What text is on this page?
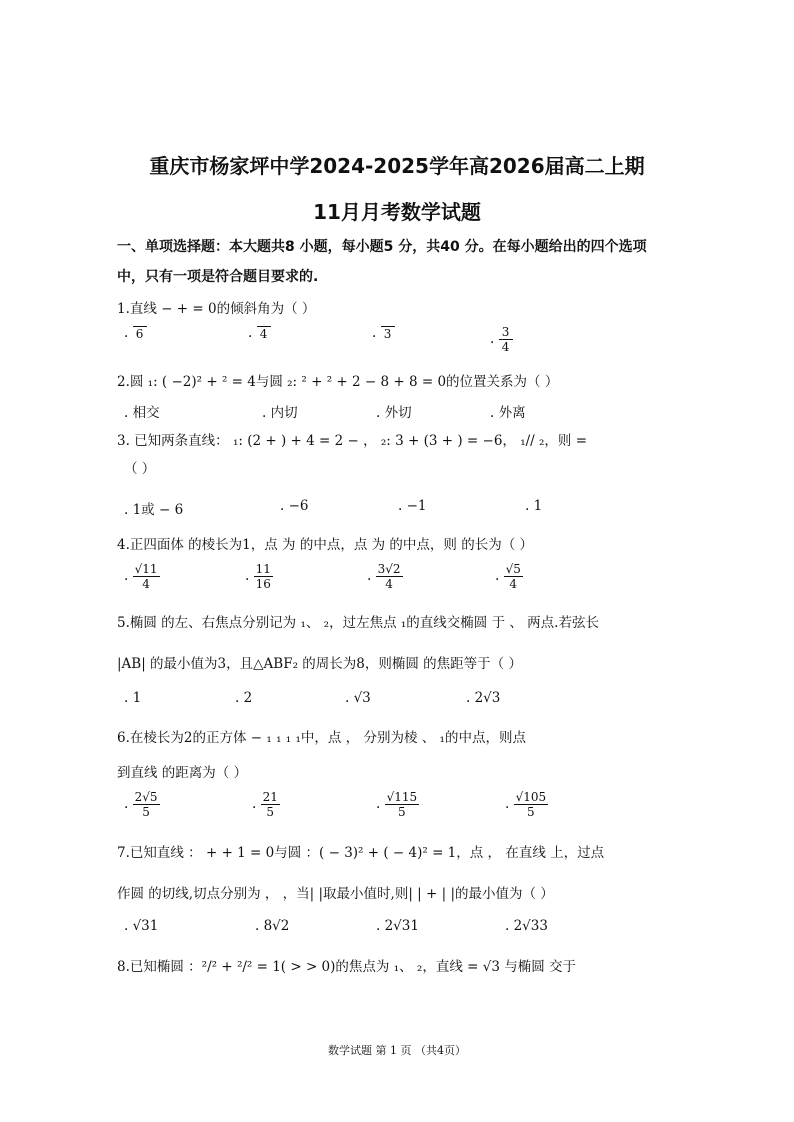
重庆市杨家坪中学2024-2025学年高2026届高二上期
11月月考数学试题
一、单项选择题：本大题共8 小题，每小题5 分，共40 分。在每小题给出的四个选项
中，只有一项是符合题目要求的.
1.直线 − + = 0的倾斜角为（ ）
. 6	. 4	. 3	. $\frac{3}{4}$
2.圆 ₁: ( −2)² + ² = 4与圆 ₂: ² + ² + 2 − 8 + 8 = 0的位置关系为（ ）
. 相交	. 内切	. 外切	. 外离
3. 已知两条直线： ₁: (2 + ) + 4 = 2 − ， ₂: 3 + (3 + ) = −6， ₁// ₂，则 =
（ ）
. 1或 − 6	. −6	. −1	. 1
4.正四面体 的棱长为1，点 为 的中点，点 为 的中点，则 的长为（ ）
. $\frac{√11}{4}$	. $\frac{11}{16}$	. $\frac{3√2}{4}$	. $\frac{√5}{4}$
5.椭圆 的左、右焦点分别记为 ₁、 ₂，过左焦点 ₁的直线交椭圆 于 、 两点.若弦长
|AB| 的最小值为3，且△ABF₂ 的周长为8，则椭圆 的焦距等于（ ）
. 1	. 2	. √3	. 2√3
6.在棱长为2的正方体 − ₁ ₁ ₁ ₁中，点 ， 分别为棱 、 ₁的中点，则点
到直线 的距离为（ ）
. $\frac{2√5}{5}$	. $\frac{21}{5}$	. $\frac{√115}{5}$	. $\frac{√105}{5}$
7.已知直线 ： + + 1 = 0与圆 ：( − 3)² + ( − 4)² = 1，点 ， 在直线 上，过点
作圆 的切线,切点分别为 ， ，当| |取最小值时,则| | + | |的最小值为（ ）
. √31	. 8√2	. 2√31	. 2√33
8.已知椭圆 ：²/² + ²/² = 1( > > 0)的焦点为 ₁、 ₂，直线 = √3 与椭圆 交于
数学试题 第 1 页 （共4页）
